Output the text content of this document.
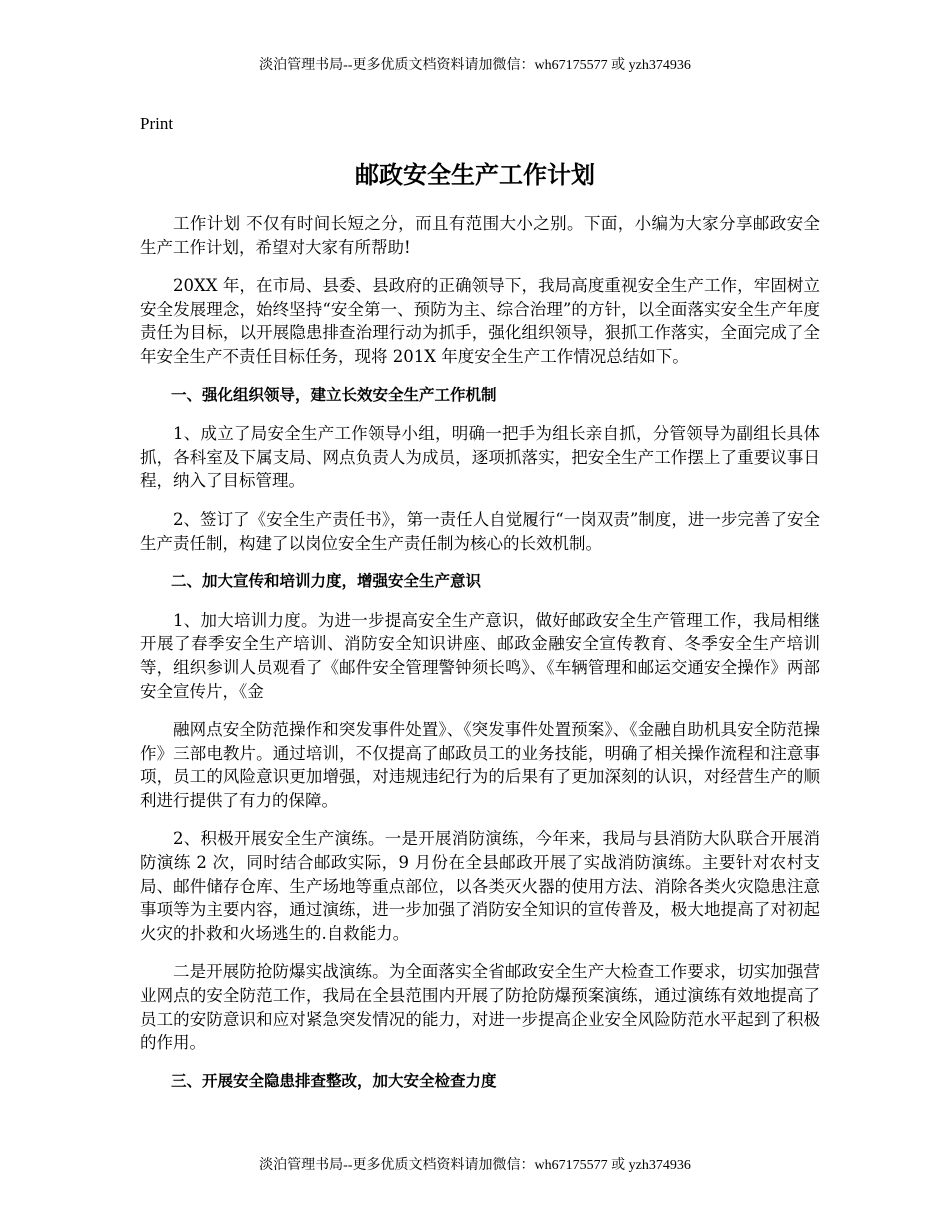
淡泊管理书局--更多优质文档资料请加微信：wh67175577 或 yzh374936
Print
邮政安全生产工作计划

工作计划 不仅有时间长短之分，而且有范围大小之别。下面，小编为大家分享邮政安全生产工作计划，希望对大家有所帮助!

20XX 年，在市局、县委、县政府的正确领导下，我局高度重视安全生产工作，牢固树立安全发展理念，始终坚持“安全第一、预防为主、综合治理”的方针，以全面落实安全生产年度责任为目标，以开展隐患排查治理行动为抓手，强化组织领导，狠抓工作落实，全面完成了全年安全生产不责任目标任务，现将 201X 年度安全生产工作情况总结如下。

一、强化组织领导，建立长效安全生产工作机制

1、成立了局安全生产工作领导小组，明确一把手为组长亲自抓，分管领导为副组长具体抓，各科室及下属支局、网点负责人为成员，逐项抓落实，把安全生产工作摆上了重要议事日程，纳入了目标管理。

2、签订了《安全生产责任书》，第一责任人自觉履行“一岗双责”制度，进一步完善了安全生产责任制，构建了以岗位安全生产责任制为核心的长效机制。

二、加大宣传和培训力度，增强安全生产意识

1、加大培训力度。为进一步提高安全生产意识，做好邮政安全生产管理工作，我局相继开展了春季安全生产培训、消防安全知识讲座、邮政金融安全宣传教育、冬季安全生产培训等，组织参训人员观看了《邮件安全管理警钟须长鸣》、《车辆管理和邮运交通安全操作》两部安全宣传片，《金

融网点安全防范操作和突发事件处置》、《突发事件处置预案》、《金融自助机具安全防范操作》三部电教片。通过培训，不仅提高了邮政员工的业务技能，明确了相关操作流程和注意事项，员工的风险意识更加增强，对违规违纪行为的后果有了更加深刻的认识，对经营生产的顺利进行提供了有力的保障。

2、积极开展安全生产演练。一是开展消防演练，今年来，我局与县消防大队联合开展消防演练 2 次，同时结合邮政实际，9 月份在全县邮政开展了实战消防演练。主要针对农村支局、邮件储存仓库、生产场地等重点部位，以各类灭火器的使用方法、消除各类火灾隐患注意事项等为主要内容，通过演练，进一步加强了消防安全知识的宣传普及，极大地提高了对初起火灾的扑救和火场逃生的.自救能力。

二是开展防抢防爆实战演练。为全面落实全省邮政安全生产大检查工作要求，切实加强营业网点的安全防范工作，我局在全县范围内开展了防抢防爆预案演练，通过演练有效地提高了员工的安防意识和应对紧急突发情况的能力，对进一步提高企业安全风险防范水平起到了积极的作用。

三、开展安全隐患排查整改，加大安全检查力度

淡泊管理书局--更多优质文档资料请加微信：wh67175577 或 yzh374936
